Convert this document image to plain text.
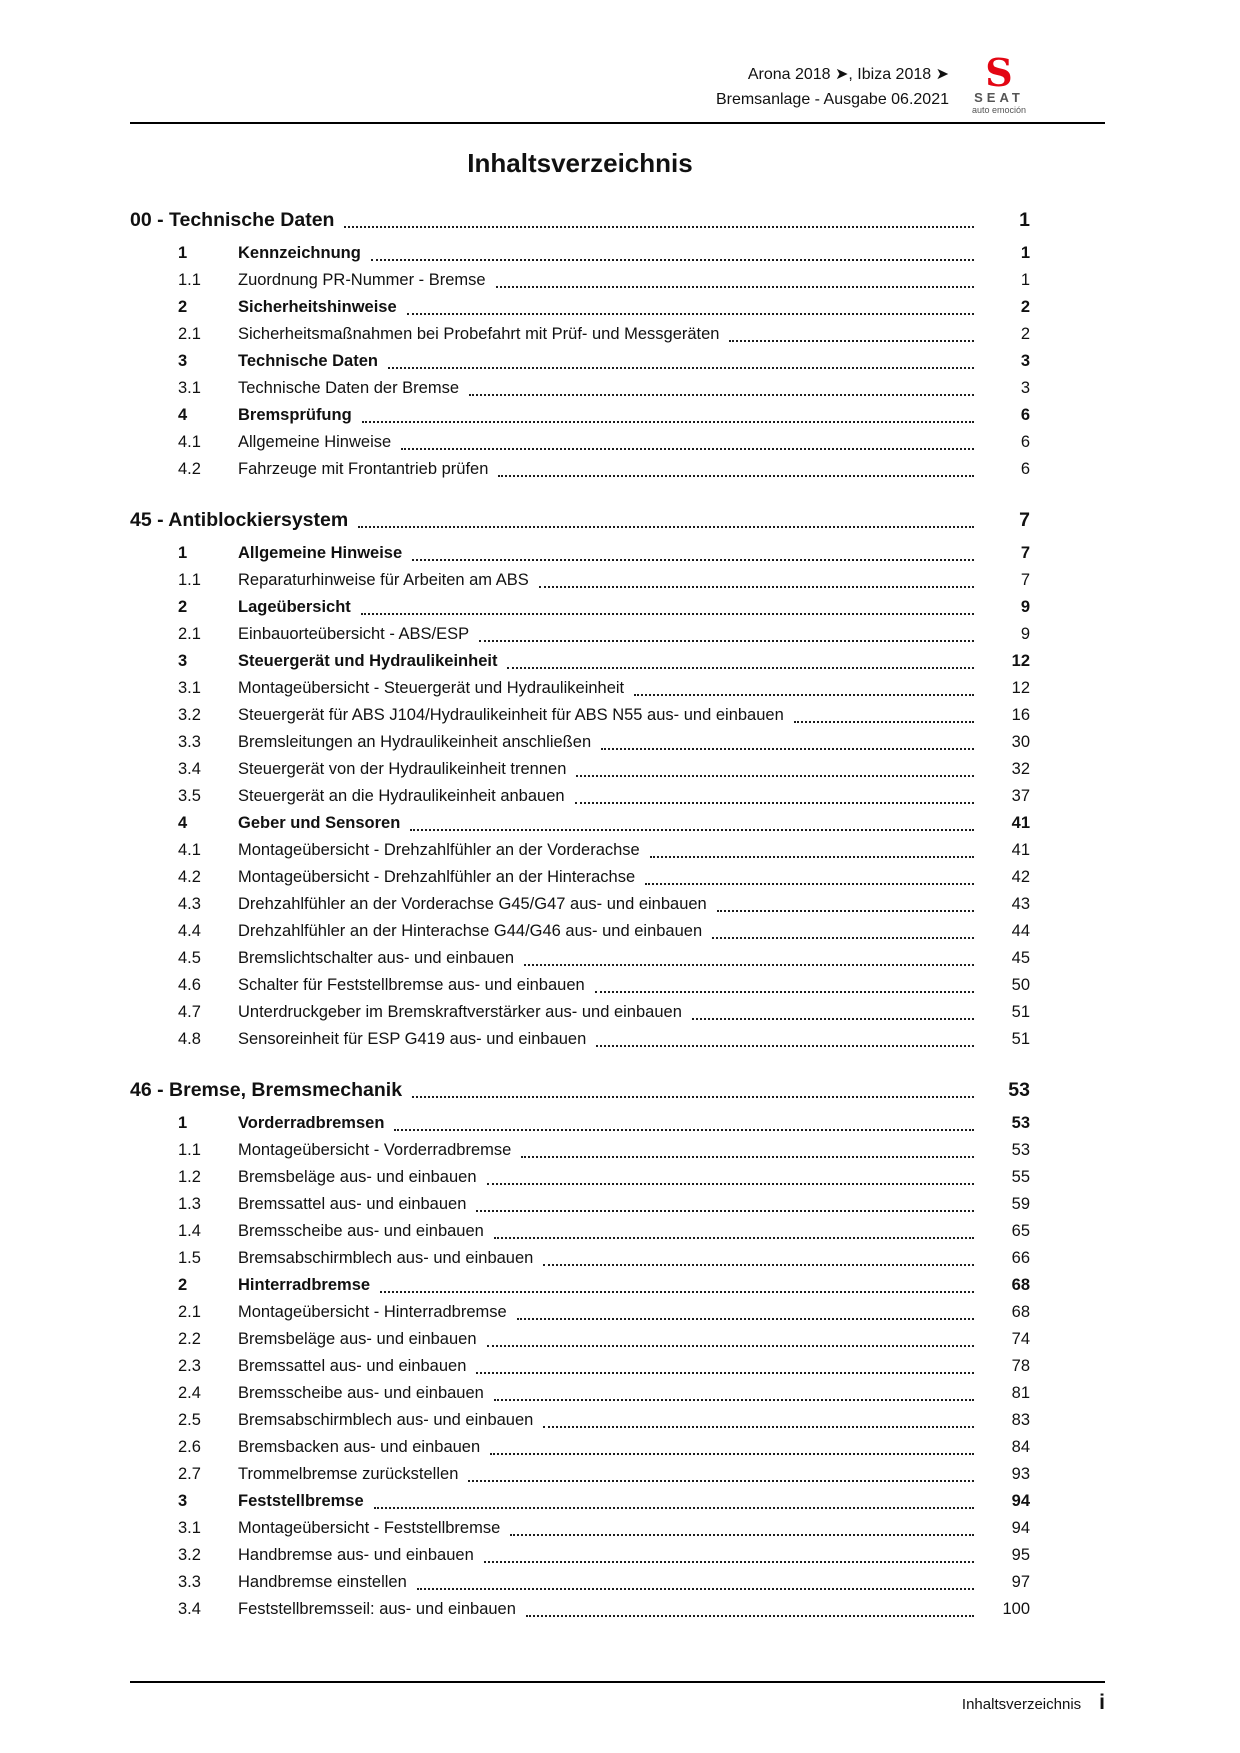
Arona 2018 ➤, Ibiza 2018 ➤
Bremsanlage - Ausgabe 06.2021
S
SEAT
auto emoción
Inhaltsverzeichnis
00 - Technische Daten	1
1	Kennzeichnung	1
1.1	Zuordnung PR-Nummer - Bremse	1
2	Sicherheitshinweise	2
2.1	Sicherheitsmaßnahmen bei Probefahrt mit Prüf- und Messgeräten	2
3	Technische Daten	3
3.1	Technische Daten der Bremse	3
4	Bremsprüfung	6
4.1	Allgemeine Hinweise	6
4.2	Fahrzeuge mit Frontantrieb prüfen	6
45 - Antiblockiersystem	7
1	Allgemeine Hinweise	7
1.1	Reparaturhinweise für Arbeiten am ABS	7
2	Lageübersicht	9
2.1	Einbauorteübersicht - ABS/ESP	9
3	Steuergerät und Hydraulikeinheit	12
3.1	Montageübersicht - Steuergerät und Hydraulikeinheit	12
3.2	Steuergerät für ABS J104/Hydraulikeinheit für ABS N55 aus- und einbauen	16
3.3	Bremsleitungen an Hydraulikeinheit anschließen	30
3.4	Steuergerät von der Hydraulikeinheit trennen	32
3.5	Steuergerät an die Hydraulikeinheit anbauen	37
4	Geber und Sensoren	41
4.1	Montageübersicht - Drehzahlfühler an der Vorderachse	41
4.2	Montageübersicht - Drehzahlfühler an der Hinterachse	42
4.3	Drehzahlfühler an der Vorderachse G45/G47 aus- und einbauen	43
4.4	Drehzahlfühler an der Hinterachse G44/G46 aus- und einbauen	44
4.5	Bremslichtschalter aus- und einbauen	45
4.6	Schalter für Feststellbremse aus- und einbauen	50
4.7	Unterdruckgeber im Bremskraftverstärker aus- und einbauen	51
4.8	Sensoreinheit für ESP G419 aus- und einbauen	51
46 - Bremse, Bremsmechanik	53
1	Vorderradbremsen	53
1.1	Montageübersicht - Vorderradbremse	53
1.2	Bremsbeläge aus- und einbauen	55
1.3	Bremssattel aus- und einbauen	59
1.4	Bremsscheibe aus- und einbauen	65
1.5	Bremsabschirmblech aus- und einbauen	66
2	Hinterradbremse	68
2.1	Montageübersicht - Hinterradbremse	68
2.2	Bremsbeläge aus- und einbauen	74
2.3	Bremssattel aus- und einbauen	78
2.4	Bremsscheibe aus- und einbauen	81
2.5	Bremsabschirmblech aus- und einbauen	83
2.6	Bremsbacken aus- und einbauen	84
2.7	Trommelbremse zurückstellen	93
3	Feststellbremse	94
3.1	Montageübersicht - Feststellbremse	94
3.2	Handbremse aus- und einbauen	95
3.3	Handbremse einstellen	97
3.4	Feststellbremsseil: aus- und einbauen	100
Inhaltsverzeichnis i
